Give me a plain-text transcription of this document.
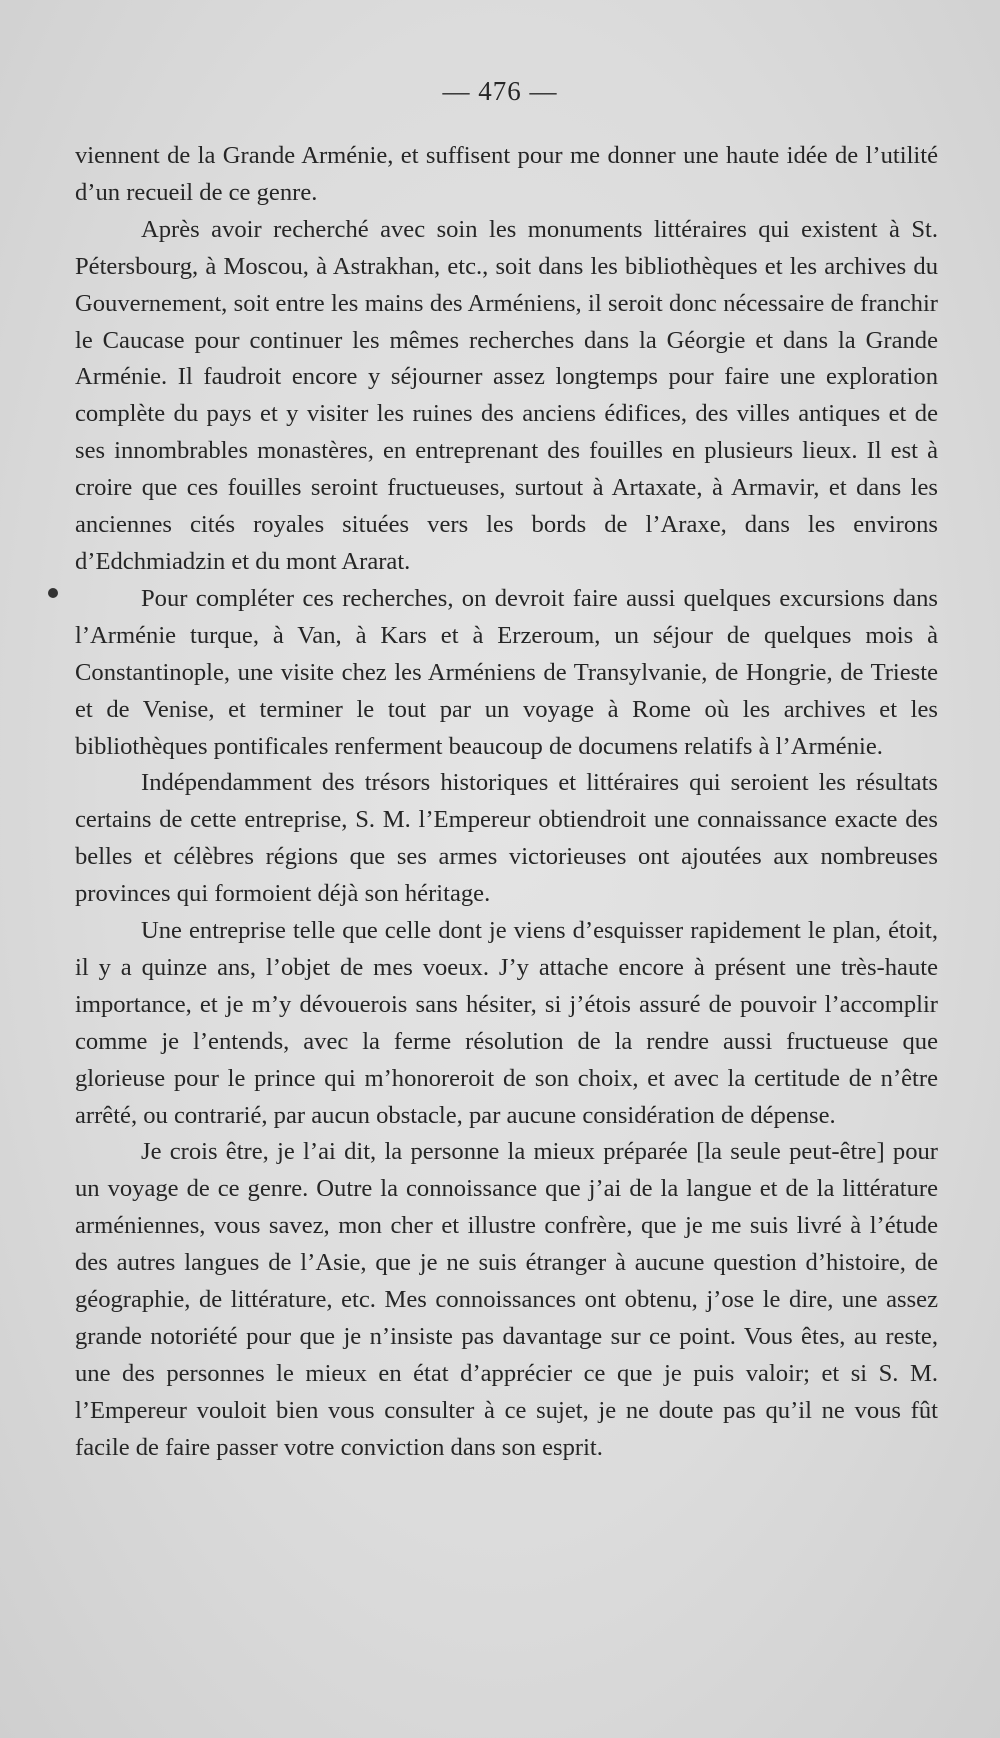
— 476 —

viennent de la Grande Arménie, et suffisent pour me donner une haute idée de l’utilité d’un recueil de ce genre.

Après avoir recherché avec soin les monuments littéraires qui existent à St. Pétersbourg, à Moscou, à Astrakhan, etc., soit dans les bibliothèques et les archives du Gouvernement, soit entre les mains des Arméniens, il seroit donc nécessaire de franchir le Caucase pour continuer les mêmes recherches dans la Géorgie et dans la Grande Arménie. Il faudroit encore y séjourner assez longtemps pour faire une exploration complète du pays et y visiter les ruines des anciens édifices, des villes antiques et de ses innombrables monastères, en entreprenant des fouilles en plusieurs lieux. Il est à croire que ces fouilles seroint fructueuses, surtout à Artaxate, à Armavir, et dans les anciennes cités royales situées vers les bords de l’Araxe, dans les environs d’Edchmiadzin et du mont Ararat.

Pour compléter ces recherches, on devroit faire aussi quelques excursions dans l’Arménie turque, à Van, à Kars et à Erzeroum, un séjour de quelques mois à Constantinople, une visite chez les Arméniens de Transylvanie, de Hongrie, de Trieste et de Venise, et terminer le tout par un voyage à Rome où les archives et les bibliothèques pontificales renferment beaucoup de documens relatifs à l’Arménie.

Indépendamment des trésors historiques et littéraires qui seroient les résultats certains de cette entreprise, S. M. l’Empereur obtiendroit une connaissance exacte des belles et célèbres régions que ses armes victorieuses ont ajoutées aux nombreuses provinces qui formoient déjà son héritage.

Une entreprise telle que celle dont je viens d’esquisser rapidement le plan, étoit, il y a quinze ans, l’objet de mes voeux. J’y attache encore à présent une très-haute importance, et je m’y dévouerois sans hésiter, si j’étois assuré de pouvoir l’accomplir comme je l’entends, avec la ferme résolution de la rendre aussi fructueuse que glorieuse pour le prince qui m’honoreroit de son choix, et avec la certitude de n’être arrêté, ou contrarié, par aucun obstacle, par aucune considération de dépense.

Je crois être, je l’ai dit, la personne la mieux préparée [la seule peut-être] pour un voyage de ce genre. Outre la connoissance que j’ai de la langue et de la littérature arméniennes, vous savez, mon cher et illustre confrère, que je me suis livré à l’étude des autres langues de l’Asie, que je ne suis étranger à aucune question d’histoire, de géographie, de littérature, etc. Mes connoissances ont obtenu, j’ose le dire, une assez grande notoriété pour que je n’insiste pas davantage sur ce point. Vous êtes, au reste, une des personnes le mieux en état d’apprécier ce que je puis valoir; et si S. M. l’Empereur vouloit bien vous consulter à ce sujet, je ne doute pas qu’il ne vous fût facile de faire passer votre conviction dans son esprit.
